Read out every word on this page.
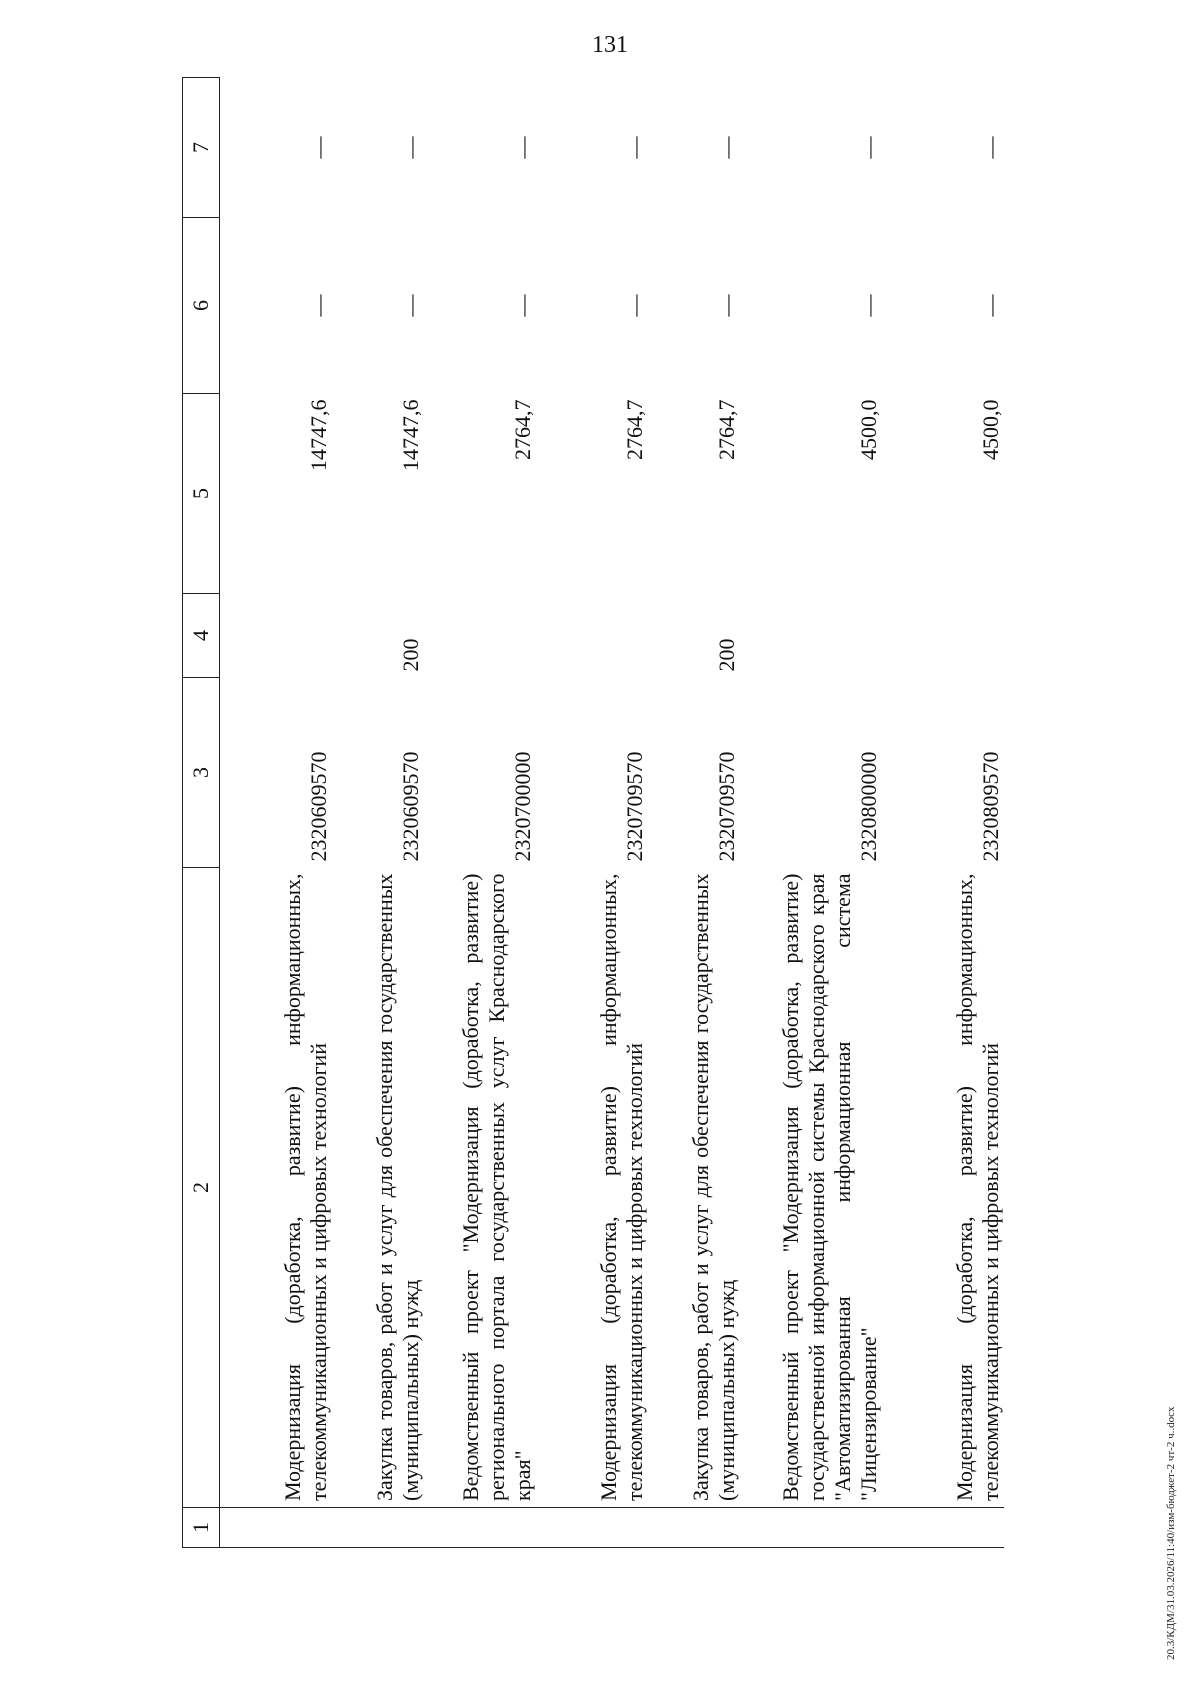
131
1	2	3	4	5	6	7
	Модернизация (доработка, развитие) информационных, телекоммуникационных и цифровых технологий	2320609570		14747,6	—	—
	Закупка товаров, работ и услуг для обеспечения государственных (муниципальных) нужд	2320609570	200	14747,6	—	—
	Ведомственный проект "Модернизация (доработка, развитие) регионального портала государственных услуг Краснодарского края"	2320700000		2764,7	—	—
	Модернизация (доработка, развитие) информационных, телекоммуникационных и цифровых технологий	2320709570		2764,7	—	—
	Закупка товаров, работ и услуг для обеспечения государственных (муниципальных) нужд	2320709570	200	2764,7	—	—
	Ведомственный проект "Модернизация (доработка, развитие) государственной информационной системы Краснодарского края "Автоматизированная информационная система "Лицензирование"	2320800000		4500,0	—	—
	Модернизация (доработка, развитие) информационных, телекоммуникационных и цифровых технологий	2320809570		4500,0	—	—
20.3/КДМ/31.03.2026/11:40/изм-бюджет-2 чт-2 ч..docx
